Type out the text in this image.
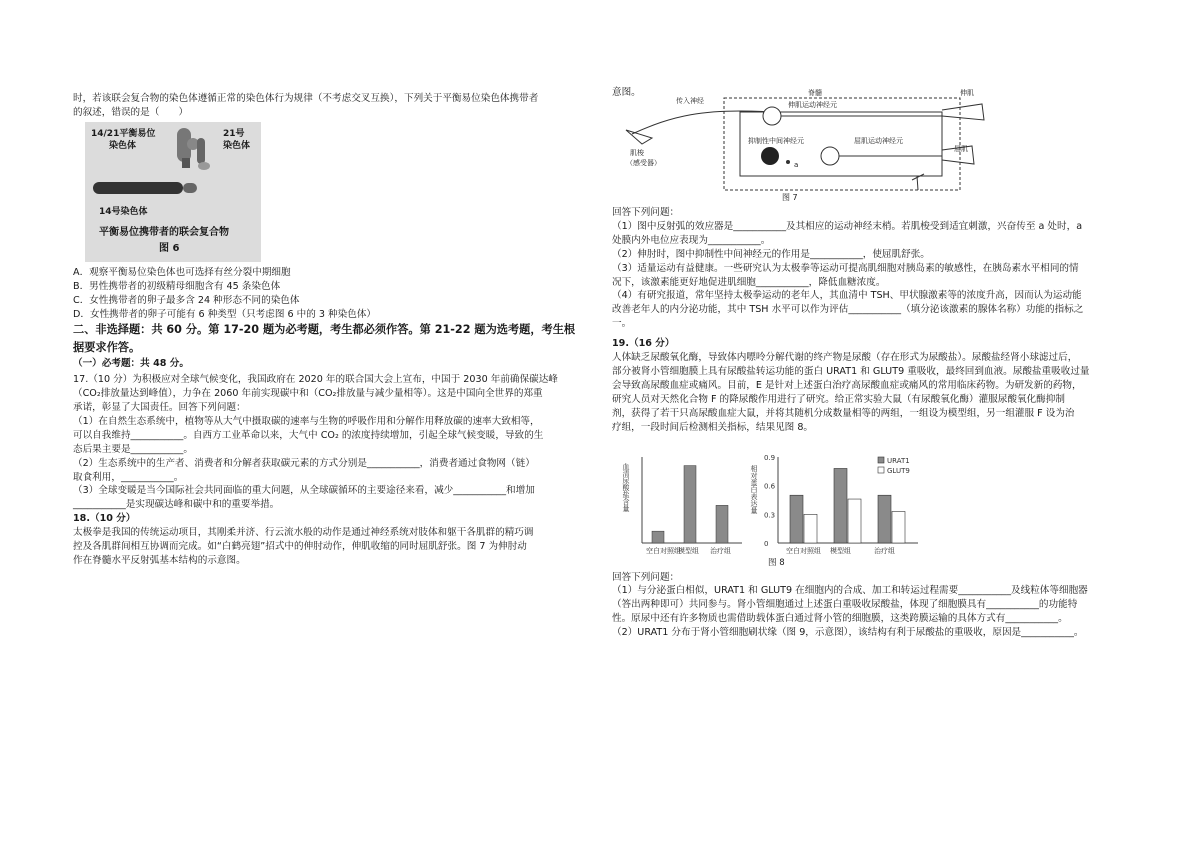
时，若该联会复合物的染色体遵循正常的染色体行为规律（不考虑交叉互换），下列关于平衡易位染色体携带者

的叙述，错误的是（　　）

14/21平衡易位
染色体
21号
染色体
14号染色体
平衡易位携带者的联会复合物
图 6

A．观察平衡易位染色体也可选择有丝分裂中期细胞

B．男性携带者的初级精母细胞含有 45 条染色体

C．女性携带者的卵子最多含 24 种形态不同的染色体

D．女性携带者的卵子可能有 6 种类型（只考虑图 6 中的 3 种染色体）

二、非选择题：共 60 分。第 17-20 题为必考题，考生都必须作答。第 21-22 题为选考题，考生根

据要求作答。

（一）必考题：共 48 分。

17.（10 分）为积极应对全球气候变化，我国政府在 2020 年的联合国大会上宣布，中国于 2030 年前确保碳达峰

（CO₂排放量达到峰值），力争在 2060 年前实现碳中和（CO₂排放量与减少量相等）。这是中国向全世界的郑重

承诺，彰显了大国责任。回答下列问题：

（1）在自然生态系统中，植物等从大气中摄取碳的速率与生物的呼吸作用和分解作用释放碳的速率大致相等，

可以自我维持___________。自西方工业革命以来，大气中 CO₂ 的浓度持续增加，引起全球气候变暖，导致的生

态后果主要是___________。

（2）生态系统中的生产者、消费者和分解者获取碳元素的方式分别是___________，消费者通过食物网（链）

取食利用，___________。

（3）全球变暖是当今国际社会共同面临的重大问题，从全球碳循环的主要途径来看，减少___________和增加

___________是实现碳达峰和碳中和的重要举措。

18.（10 分）

太极拳是我国的传统运动项目，其刚柔并济、行云流水般的动作是通过神经系统对肢体和躯干各肌群的精巧调

控及各肌群间相互协调而完成。如“白鹤亮翅”招式中的伸肘动作，伸肌收缩的同时屈肌舒张。图 7 为伸肘动

作在脊髓水平反射弧基本结构的示意图。

意图。
传入神经
脊髓
伸肌运动神经元
抑制性中间神经元
a
屈肌运动神经元
伸肌
屈肌
肌梭
（感受器）
图 7

回答下列问题：

（1）图中反射弧的效应器是___________及其相应的运动神经末梢。若肌梭受到适宜刺激，兴奋传至 a 处时，a

处膜内外电位应表现为___________。

（2）伸肘时，图中抑制性中间神经元的作用是___________，使屈肌舒张。

（3）适量运动有益健康。一些研究认为太极拳等运动可提高肌细胞对胰岛素的敏感性，在胰岛素水平相同的情

况下，该激素能更好地促进肌细胞___________，降低血糖浓度。

（4）有研究报道，常年坚持太极拳运动的老年人，其血清中 TSH、甲状腺激素等的浓度升高，因而认为运动能

改善老年人的内分泌功能，其中 TSH 水平可以作为评估___________（填分泌该激素的腺体名称）功能的指标之

一。

19.（16 分）

人体缺乏尿酸氧化酶，导致体内嘌呤分解代谢的终产物是尿酸（存在形式为尿酸盐）。尿酸盐经肾小球滤过后，

部分被肾小管细胞膜上具有尿酸盐转运功能的蛋白 URAT1 和 GLUT9 重吸收，最终回到血液。尿酸盐重吸收过量

会导致高尿酸血症或痛风。目前，E 是针对上述蛋白治疗高尿酸血症或痛风的常用临床药物。为研发新的药物，

研究人员对天然化合物 F 的降尿酸作用进行了研究。给正常实验大鼠（有尿酸氧化酶）灌服尿酸氧化酶抑制

剂，获得了若干只高尿酸血症大鼠，并将其随机分成数量相等的两组，一组设为模型组，另一组灌服 F 设为治

疗组，一段时间后检测相关指标，结果见图 8。

血清尿酸盐含量
空白对照组
模型组 治疗组
相对蛋白表达量
0
0.3
0.6
0.9
空白对照组 模型组	治疗组
URAT1
GLUT9
图 8

回答下列问题：

（1）与分泌蛋白相似，URAT1 和 GLUT9 在细胞内的合成、加工和转运过程需要___________及线粒体等细胞器

（答出两种即可）共同参与。肾小管细胞通过上述蛋白重吸收尿酸盐，体现了细胞膜具有___________的功能特

性。原尿中还有许多物质也需借助载体蛋白通过肾小管的细胞膜，这类跨膜运输的具体方式有___________。

（2）URAT1 分布于肾小管细胞刷状缘（图 9，示意图），该结构有利于尿酸盐的重吸收，原因是___________。
